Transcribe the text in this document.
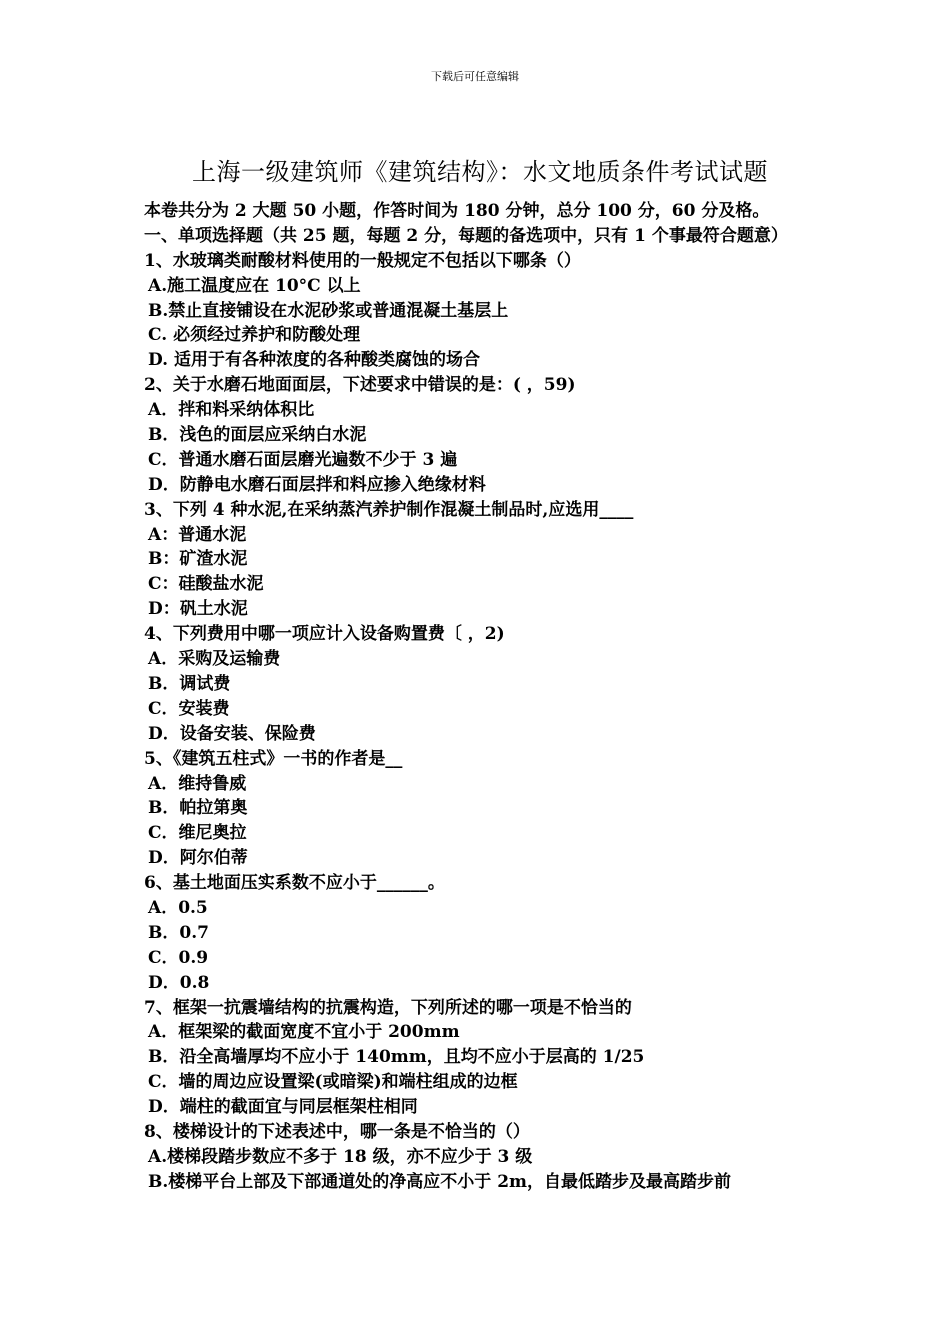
下载后可任意编辑
上海一级建筑师《建筑结构》：水文地质条件考试试题
本卷共分为 2 大题 50 小题，作答时间为 180 分钟，总分 100 分，60 分及格。
一、单项选择题（共 25 题，每题 2 分，每题的备选项中，只有 1 个事最符合题意）
1、水玻璃类耐酸材料使用的一般规定不包括以下哪条（）
A.施工温度应在 10°C 以上
B.禁止直接铺设在水泥砂浆或普通混凝土基层上
C. 必须经过养护和防酸处理
D. 适用于有各种浓度的各种酸类腐蚀的场合
2、关于水磨石地面面层，下述要求中错误的是：( ，59)
A．拌和料采纳体积比
B．浅色的面层应采纳白水泥
C．普通水磨石面层磨光遍数不少于 3 遍
D．防静电水磨石面层拌和料应掺入绝缘材料
3、下列 4 种水泥,在采纳蒸汽养护制作混凝土制品时,应选用____
A：普通水泥
B：矿渣水泥
C：硅酸盐水泥
D：矾土水泥
4、下列费用中哪一项应计入设备购置费〔 ，2)
A．采购及运输费
B．调试费
C．安装费
D．设备安装、保险费
5、《建筑五柱式》一书的作者是__
A．维持鲁威
B．帕拉第奥
C．维尼奥拉
D．阿尔伯蒂
6、基土地面压实系数不应小于______。
A．0.5
B．0.7
C．0.9
D．0.8
7、框架一抗震墙结构的抗震构造，下列所述的哪一项是不恰当的
A．框架梁的截面宽度不宜小于 200mm
B．沿全高墙厚均不应小于 140mm，且均不应小于层高的 1/25
C．墙的周边应设置梁(或暗梁)和端柱组成的边框
D．端柱的截面宜与同层框架柱相同
8、楼梯设计的下述表述中，哪一条是不恰当的（）
A.楼梯段踏步数应不多于 18 级，亦不应少于 3 级
B.楼梯平台上部及下部通道处的净高应不小于 2m，自最低踏步及最高踏步前
